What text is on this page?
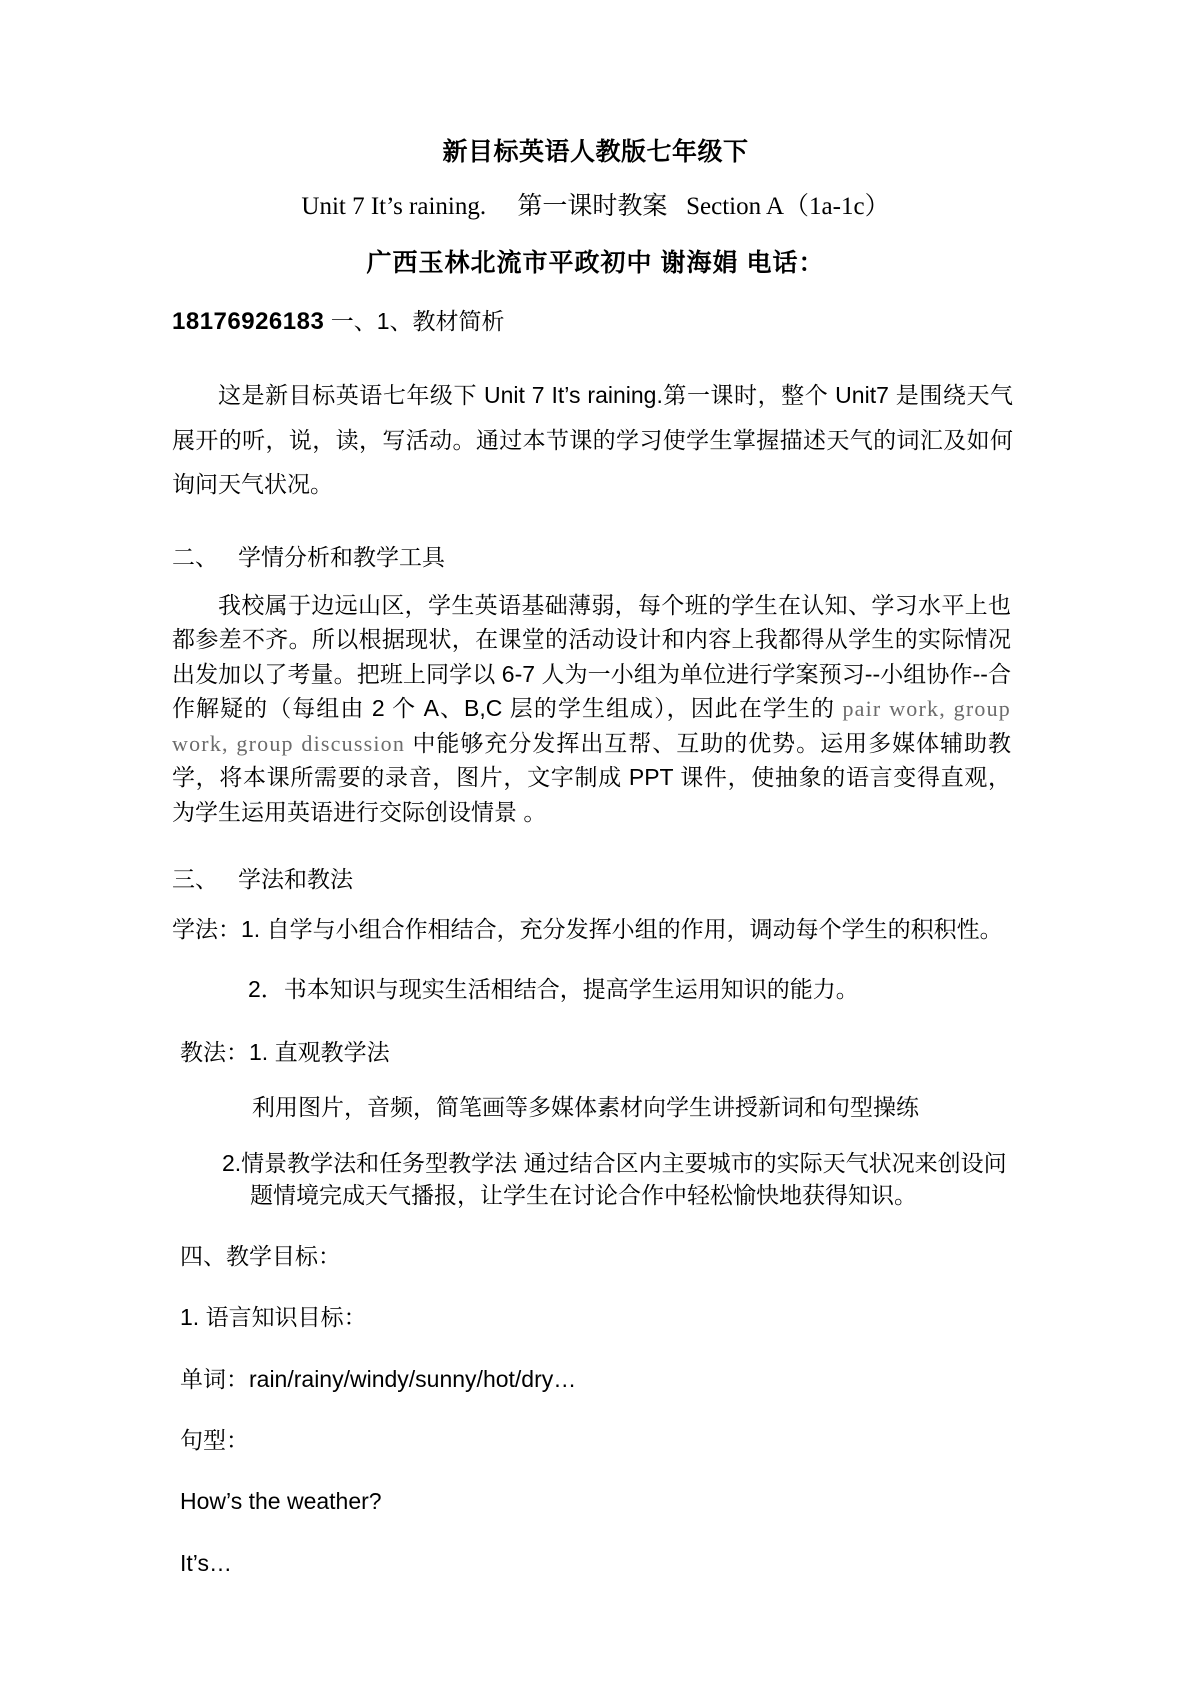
新目标英语人教版七年级下

Unit 7 It’s raining. 第一课时教案 Section A（1a-1c）

广西玉林北流市平政初中 谢海娟 电话：

18176926183 一、1、教材简析

这是新目标英语七年级下 Unit 7 It’s raining.第一课时，整个 Unit7 是围绕天气展开的听，说，读，写活动。通过本节课的学习使学生掌握描述天气的词汇及如何询问天气状况。

二、 学情分析和教学工具

我校属于边远山区，学生英语基础薄弱，每个班的学生在认知、学习水平上也都参差不齐。所以根据现状，在课堂的活动设计和内容上我都得从学生的实际情况出发加以了考量。把班上同学以 6-7 人为一小组为单位进行学案预习--小组协作--合作解疑的（每组由 2 个 A、B,C 层的学生组成），因此在学生的 pair work, group work, group discussion 中能够充分发挥出互帮、互助的优势。运用多媒体辅助教学，将本课所需要的录音，图片，文字制成 PPT 课件，使抽象的语言变得直观，为学生运用英语进行交际创设情景 。

三、 学法和教法

学法：1. 自学与小组合作相结合，充分发挥小组的作用，调动每个学生的积积性。

2．书本知识与现实生活相结合，提高学生运用知识的能力。

教法：1. 直观教学法

利用图片，音频，简笔画等多媒体素材向学生讲授新词和句型操练

2.情景教学法和任务型教学法 通过结合区内主要城市的实际天气状况来创设问题情境完成天气播报，让学生在讨论合作中轻松愉快地获得知识。

四、教学目标：

1. 语言知识目标：

单词：rain/rainy/windy/sunny/hot/dry…

句型：

How’s the weather?

It’s…
